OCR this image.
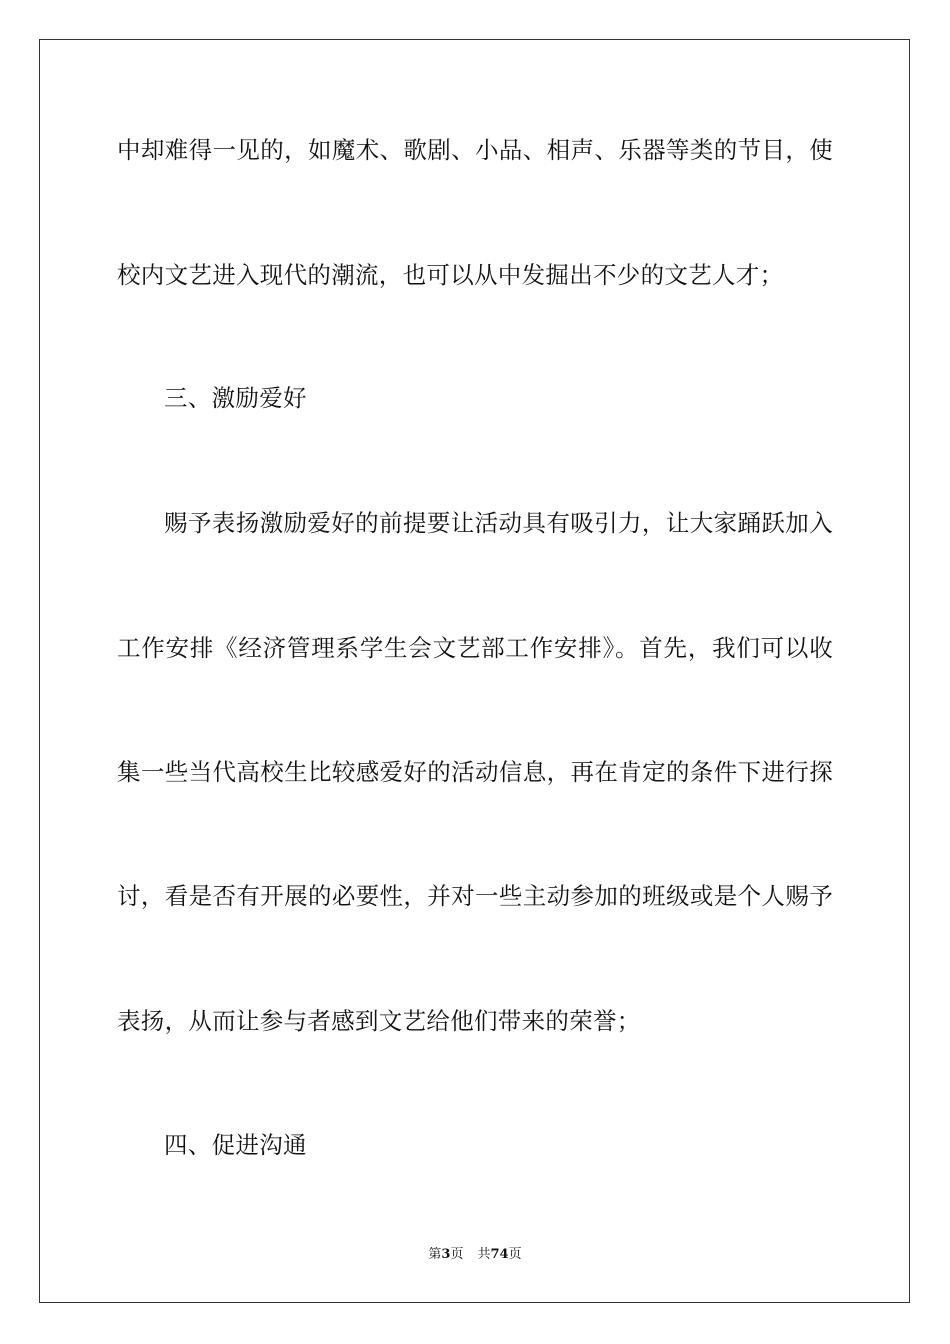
中却难得一见的，如魔术、歌剧、小品、相声、乐器等类的节目，使
校内文艺进入现代的潮流，也可以从中发掘出不少的文艺人才；
三、激励爱好
赐予表扬激励爱好的前提要让活动具有吸引力，让大家踊跃加入
工作安排《经济管理系学生会文艺部工作安排》。首先，我们可以收
集一些当代高校生比较感爱好的活动信息，再在肯定的条件下进行探
讨，看是否有开展的必要性，并对一些主动参加的班级或是个人赐予
表扬，从而让参与者感到文艺给他们带来的荣誉；
四、促进沟通
第3页 共74页
